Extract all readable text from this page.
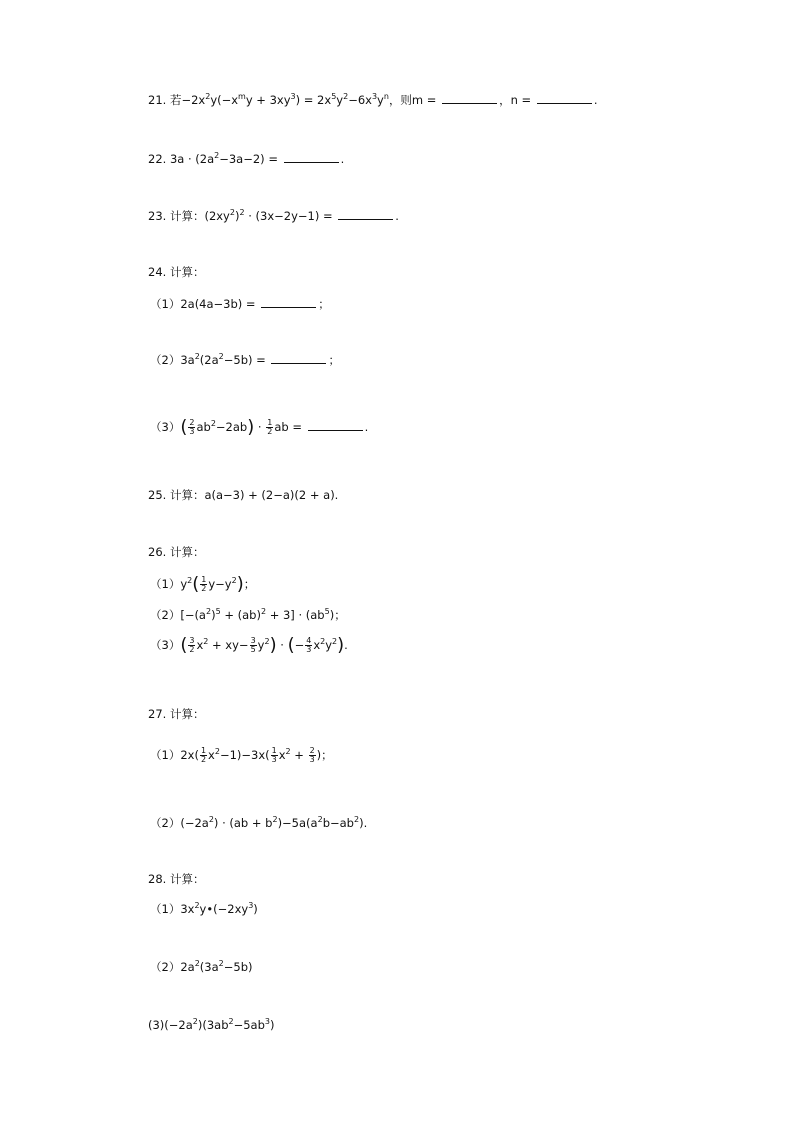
21. 若$-2x^2y(-x^my + 3xy^3) = 2x^5y^2-6x^3y^n$，则m =	，n =	.
22. $3a \cdot (2a^2-3a-2)$ =	.
23. 计算：$(2xy^2)^2 \cdot (3x-2y-1)$ =	.
24. 计算：
（1）2a(4a−3b) =	；
$(2)3a^2(2a^2-5b)$ =	；
$(3)( \frac{2}{3} ab^2-2ab) \cdot \frac{1}{2}$ ab =	.
25. 计算：a(a−3) + (2−a)(2 + a).
26. 计算：
$(1)y^2( \frac{1}{2} y-y^2)$；
$(2)[-(a^2)^5 + (ab)^2 + 3] \cdot (ab^5)$；
$(3)( \frac{3}{2} x^2 + xy- \frac{3}{5} y^2)$ · (− $\frac{4}{3} x^2y^2$).
27. 计算：
$(1)2x( \frac{1}{2} x^2-1)-3x( \frac{1}{3} x^2 + \frac{2}{3}$ )；
$(2)(-2a^2) \cdot (ab + b^2)-5a(a^2b-ab^2)$.
28. 计算：
$(1)3x^2y•(-2xy^3)$
$(2)2a^2(3a^2-5b)$
$(3)(-2a^2)(3ab^2-5ab^3)$
